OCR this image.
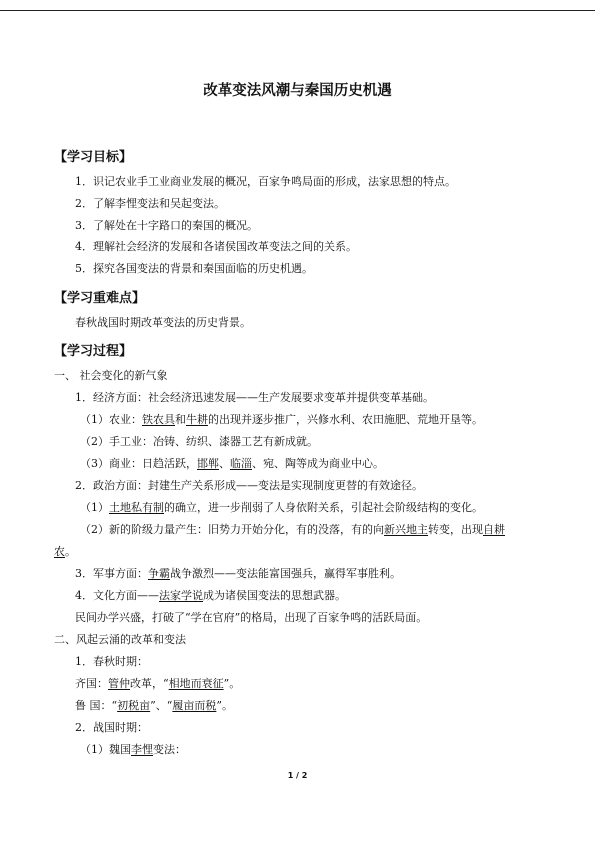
改革变法风潮与秦国历史机遇
【学习目标】
1．识记农业手工业商业发展的概况，百家争鸣局面的形成，法家思想的特点。
2．了解李悝变法和吴起变法。
3．了解处在十字路口的秦国的概况。
4．理解社会经济的发展和各诸侯国改革变法之间的关系。
5．探究各国变法的背景和秦国面临的历史机遇。
【学习重难点】
春秋战国时期改革变法的历史背景。
【学习过程】
一、 社会变化的新气象
1．经济方面：社会经济迅速发展——生产发展要求变革并提供变革基础。
（1）农业：铁农具和牛耕的出现并逐步推广，兴修水利、农田施肥、荒地开垦等。
（2）手工业：冶铸、纺织、漆器工艺有新成就。
（3）商业：日趋活跃，邯郸、临淄、宛、陶等成为商业中心。
2．政治方面：封建生产关系形成——变法是实现制度更替的有效途径。
（1）土地私有制的确立，进一步削弱了人身依附关系，引起社会阶级结构的变化。
（2）新的阶级力量产生：旧势力开始分化，有的没落，有的向新兴地主转变，出现自耕
农。
3．军事方面：争霸战争激烈——变法能富国强兵，赢得军事胜利。
4．文化方面——法家学说成为诸侯国变法的思想武器。
民间办学兴盛，打破了“学在官府”的格局，出现了百家争鸣的活跃局面。
二、风起云涌的改革和变法
1．春秋时期：
齐国：管仲改革，“相地而衰征”。
鲁 国：“初税亩”、“履亩而税”。
2．战国时期：
（1）魏国李悝变法：
1 / 2
